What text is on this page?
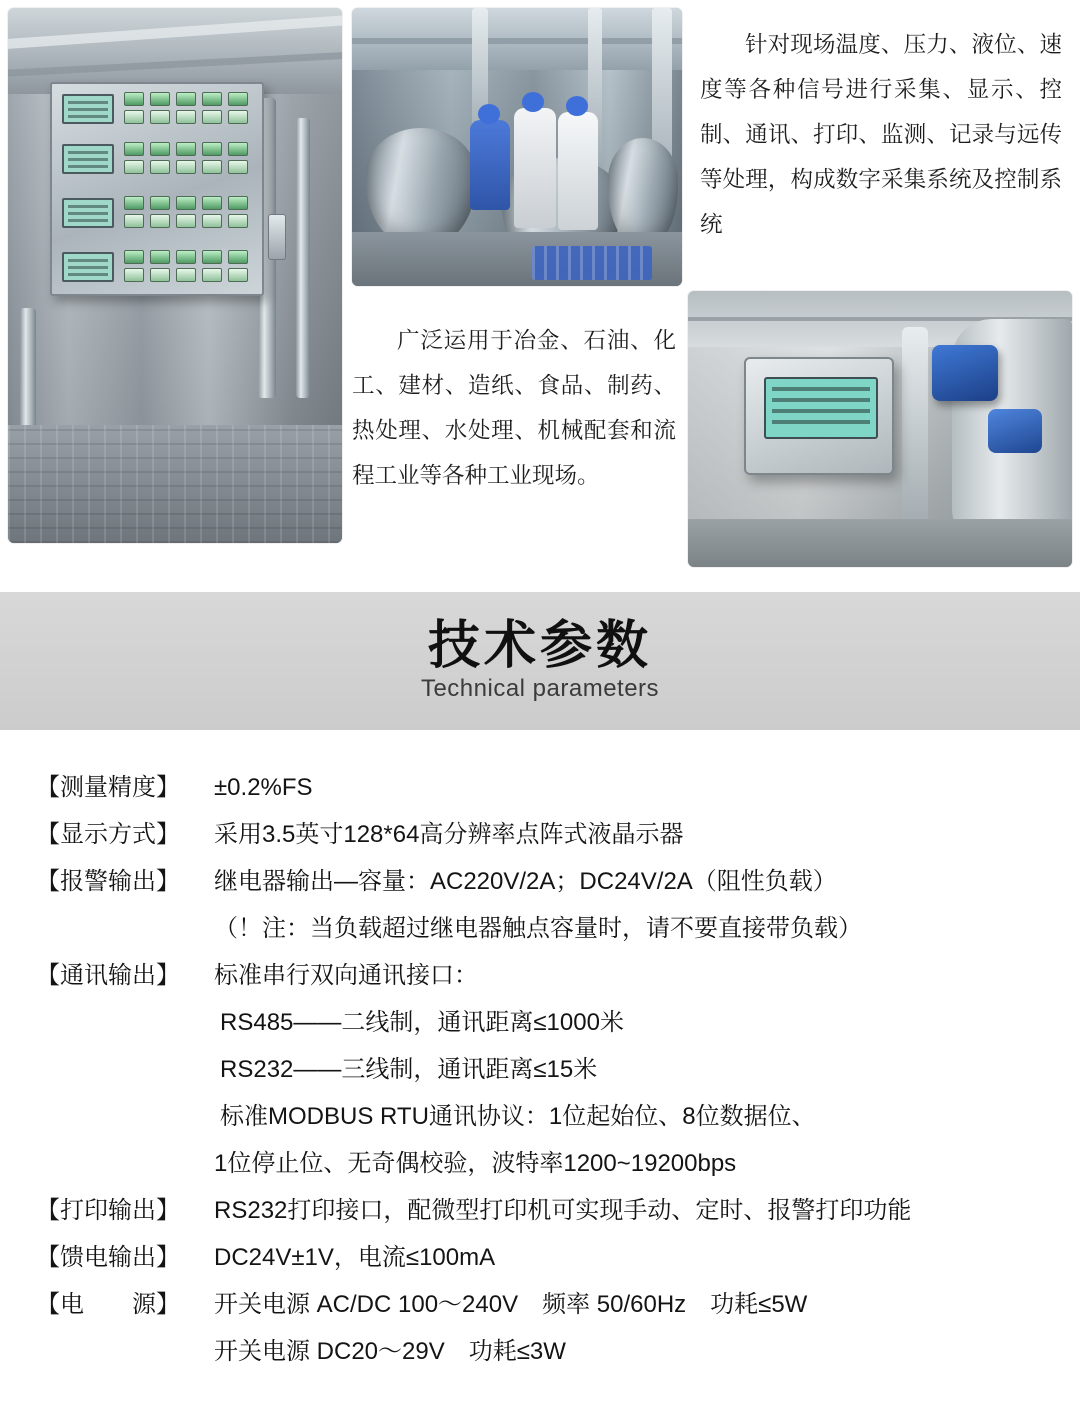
针对现场温度、压力、液位、速度等各种信号进行采集、显示、控制、通讯、打印、监测、记录与远传等处理，构成数字采集系统及控制系统

广泛运用于冶金、石油、化工、建材、造纸、食品、制药、热处理、水处理、机械配套和流程工业等各种工业现场。

技术参数
Technical parameters
【测量精度】	±0.2%FS
【显示方式】	采用3.5英寸128*64高分辨率点阵式液晶示器
【报警输出】	继电器输出—容量：AC220V/2A；DC24V/2A（阻性负载）
（！注：当负载超过继电器触点容量时，请不要直接带负载）
【通讯输出】	标准串行双向通讯接口：
RS485——二线制，通讯距离≤1000米
RS232——三线制，通讯距离≤15米
标准MODBUS RTU通讯协议：1位起始位、8位数据位、
1位停止位、无奇偶校验，波特率1200~19200bps
【打印输出】	RS232打印接口，配微型打印机可实现手动、定时、报警打印功能
【馈电输出】	DC24V±1V，电流≤100mA
【电　　源】	开关电源 AC/DC 100～240V　频率 50/60Hz　功耗≤5W
开关电源 DC20～29V　功耗≤3W
